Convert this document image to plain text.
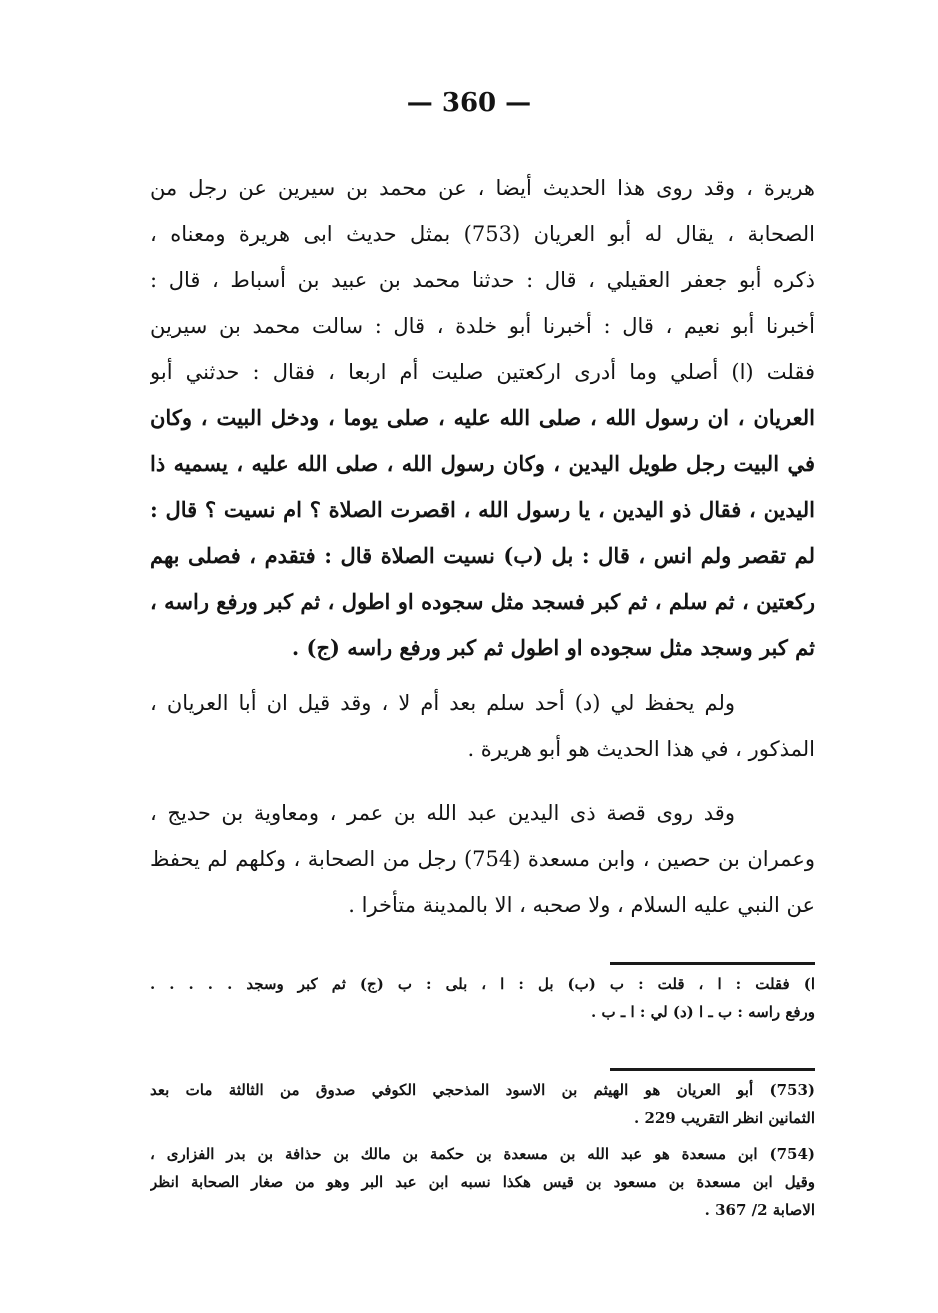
— 360 —
هريرة ، وقد روى هذا الحديث أيضا ، عن محمد بن سيرين عن رجل من
الصحابة ، يقال له أبو العريان (753) بمثل حديث ابى هريرة ومعناه ،
ذكره أبو جعفر العقيلي ، قال : حدثنا محمد بن عبيد بن أسباط ، قال :
أخبرنا أبو نعيم ، قال : أخبرنا أبو خلدة ، قال : سالت محمد بن سيرين
فقلت (ا) أصلي وما أدرى اركعتين صليت أم اربعا ، فقال : حدثني أبو
العريان ، ان رسول الله ، صلى الله عليه ، صلى يوما ، ودخل البيت ، وكان
في البيت رجل طويل اليدين ، وكان رسول الله ، صلى الله عليه ، يسميه ذا
اليدين ، فقال ذو اليدين ، يا رسول الله ، اقصرت الصلاة ؟ ام نسيت ؟ قال :
لم تقصر ولم انس ، قال : بل (ب) نسيت الصلاة قال : فتقدم ، فصلى بهم
ركعتين ، ثم سلم ، ثم كبر فسجد مثل سجوده او اطول ، ثم كبر ورفع راسه ،
ثم كبر وسجد مثل سجوده او اطول ثم كبر ورفع راسه (ج) .
ولم يحفظ لي (د) أحد سلم بعد أم لا ، وقد قيل ان أبا العريان ،
المذكور ، في هذا الحديث هو أبو هريرة .
وقد روى قصة ذى اليدين عبد الله بن عمر ، ومعاوية بن حديج ،
وعمران بن حصين ، وابن مسعدة (754) رجل من الصحابة ، وكلهم لم يحفظ
عن النبي عليه السلام ، ولا صحبه ، الا بالمدينة متأخرا .
ا) فقلت : ا ، قلت : ب (ب) بل : ا ، بلى : ب (ج) ثم كبر وسجد . . . . .
ورفع راسه : ب ـ ا (د) لي : ا ـ ب .
(753) أبو العريان هو الهيثم بن الاسود المذحجي الكوفي صدوق من الثالثة مات بعد
الثمانين انظر التقريب 229 .
(754) ابن مسعدة هو عبد الله بن مسعدة بن حكمة بن مالك بن حذافة بن بدر الفزارى ،
وقيل ابن مسعدة بن مسعود بن قيس هكذا نسبه ابن عبد البر وهو من صغار الصحابة انظر
الاصابة 2/ 367 .
